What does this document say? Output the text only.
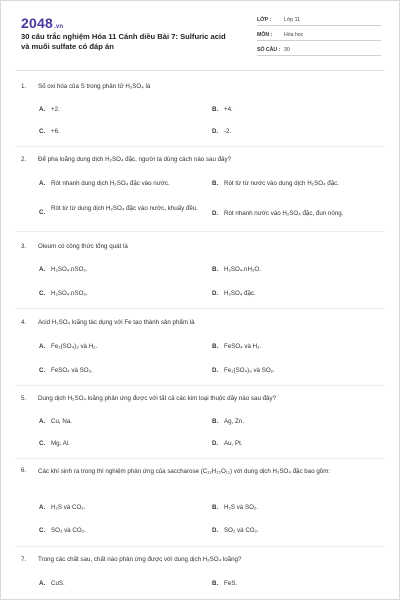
2048.vn
30 câu trắc nghiệm Hóa 11 Cánh diều Bài 7: Sulfuric acid và muối sulfate có đáp án
LỚP : Lớp 11
MÔN : Hóa học
SỐ CÂU : 30
1.	Số oxi hóa của S trong phân tử H₂SO₄ là
A. +2.	B. +4.
C. +6.	D. -2.
2.	Để pha loãng dung dịch H₂SO₄ đặc, người ta dùng cách nào sau đây?
A. Rót nhanh dung dịch H₂SO₄ đặc vào nước.	B. Rót từ từ nước vào dung dịch H₂SO₄ đặc.
C.
Rót từ từ dung dịch H₂SO₄ đặc vào nước, khuấy đều.
D. Rót nhanh nước vào H₂SO₄ đặc, đun nóng.
3.	Oleum có công thức tổng quát là
A. H₂SO₄.nSO₂.	B. H₂SO₄.nH₂O.
C. H₂SO₄.nSO₃.	D. H₂SO₄ đặc.
4.	Acid H₂SO₄ loãng tác dụng với Fe tạo thành sản phẩm là
A. Fe₂(SO₄)₃ và H₂.	B. FeSO₄ và H₂.
C. FeSO₄ và SO₂.	D. Fe₂(SO₄)₃ và SO₂.
5.	Dung dịch H₂SO₄ loãng phản ứng được với tất cả các kim loại thuộc dãy nào sau đây?
A. Cu, Na.	B. Ag, Zn.
C. Mg, Al.	D. Au, Pt.
6.	Các khí sinh ra trong thí nghiệm phản ứng của saccharose (C₁₂H₂₂O₁₁) với dung dịch H₂SO₄ đặc bao gồm:
A. H₂S và CO₂.	B. H₂S và SO₂.
C. SO₃ và CO₂.	D. SO₂ và CO₂.
7.	Trong các chất sau, chất nào phản ứng được với dung dịch H₂SO₄ loãng?
A. CuS.	B. FeS.
